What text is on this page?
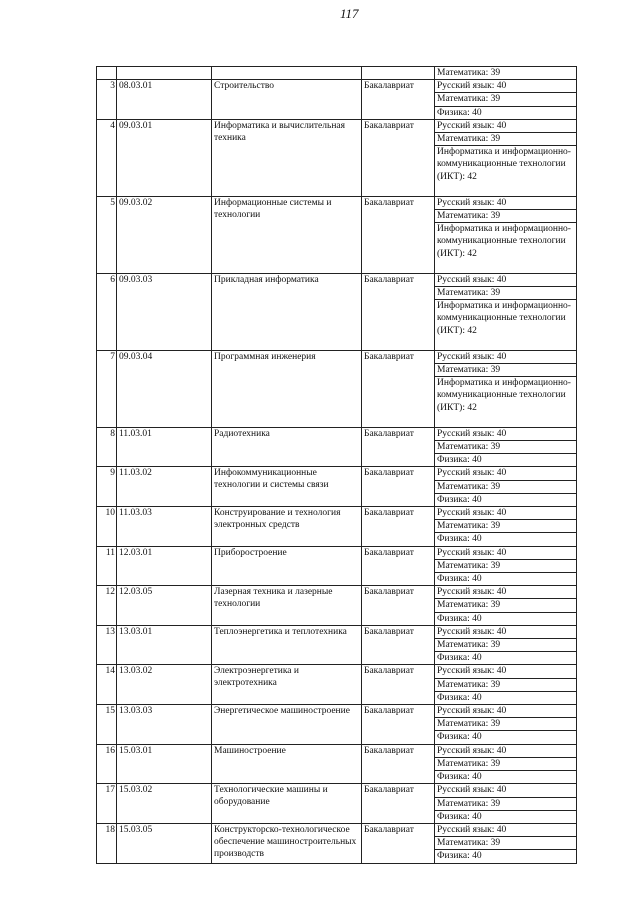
117

				Математика: 39

3	08.03.01	Строительство	Бакалавриат	Русский язык: 40
Математика: 39
Физика: 40

4	09.03.01	Информатика и вычислительная техника	Бакалавриат	Русский язык: 40
Математика: 39
Информатика и информационно-коммуникационные технологии (ИКТ): 42

5	09.03.02	Информационные системы и технологии	Бакалавриат	Русский язык: 40
Математика: 39
Информатика и информационно-коммуникационные технологии (ИКТ): 42

6	09.03.03	Прикладная информатика	Бакалавриат	Русский язык: 40
Математика: 39
Информатика и информационно-коммуникационные технологии (ИКТ): 42

7	09.03.04	Программная инженерия	Бакалавриат	Русский язык: 40
Математика: 39
Информатика и информационно-коммуникационные технологии (ИКТ): 42

8	11.03.01	Радиотехника	Бакалавриат	Русский язык: 40
Математика: 39
Физика: 40

9	11.03.02	Инфокоммуникационные технологии и системы связи	Бакалавриат	Русский язык: 40
Математика: 39
Физика: 40

10	11.03.03	Конструирование и технология электронных средств	Бакалавриат	Русский язык: 40
Математика: 39
Физика: 40

11	12.03.01	Приборостроение	Бакалавриат	Русский язык: 40
Математика: 39
Физика: 40

12	12.03.05	Лазерная техника и лазерные технологии	Бакалавриат	Русский язык: 40
Математика: 39
Физика: 40

13	13.03.01	Теплоэнергетика и теплотехника	Бакалавриат	Русский язык: 40
Математика: 39
Физика: 40

14	13.03.02	Электроэнергетика и электротехника	Бакалавриат	Русский язык: 40
Математика: 39
Физика: 40

15	13.03.03	Энергетическое машиностроение	Бакалавриат	Русский язык: 40
Математика: 39
Физика: 40

16	15.03.01	Машиностроение	Бакалавриат	Русский язык: 40
Математика: 39
Физика: 40

17	15.03.02	Технологические машины и оборудование	Бакалавриат	Русский язык: 40
Математика: 39
Физика: 40

18	15.03.05	Конструкторско-технологическое обеспечение машиностроительных производств	Бакалавриат	Русский язык: 40
Математика: 39
Физика: 40
